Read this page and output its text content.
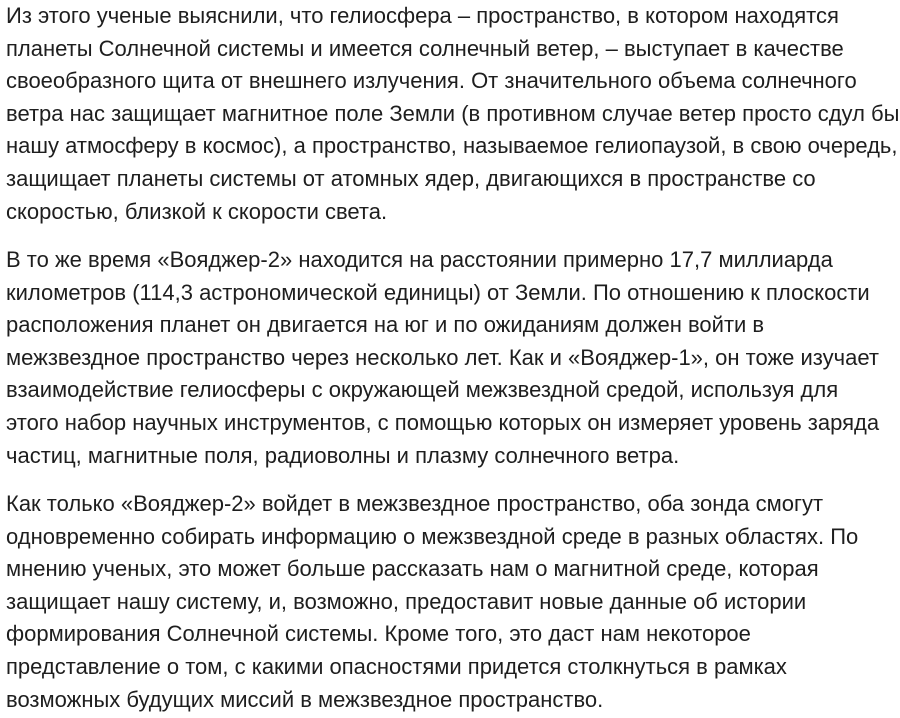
Из этого ученые выяснили, что гелиосфера – пространство, в котором находятся
планеты Солнечной системы и имеется солнечный ветер, – выступает в качестве
своеобразного щита от внешнего излучения. От значительного объема солнечного
ветра нас защищает магнитное поле Земли (в противном случае ветер просто сдул бы
нашу атмосферу в космос), а пространство, называемое гелиопаузой, в свою очередь,
защищает планеты системы от атомных ядер, двигающихся в пространстве со
скоростью, близкой к скорости света.

В то же время «Вояджер-2» находится на расстоянии примерно 17,7 миллиарда
километров (114,3 астрономической единицы) от Земли. По отношению к плоскости
расположения планет он двигается на юг и по ожиданиям должен войти в
межзвездное пространство через несколько лет. Как и «Вояджер-1», он тоже изучает
взаимодействие гелиосферы с окружающей межзвездной средой, используя для
этого набор научных инструментов, с помощью которых он измеряет уровень заряда
частиц, магнитные поля, радиоволны и плазму солнечного ветра.

Как только «Вояджер-2» войдет в межзвездное пространство, оба зонда смогут
одновременно собирать информацию о межзвездной среде в разных областях. По
мнению ученых, это может больше рассказать нам о магнитной среде, которая
защищает нашу систему, и, возможно, предоставит новые данные об истории
формирования Солнечной системы. Кроме того, это даст нам некоторое
представление о том, с какими опасностями придется столкнуться в рамках
возможных будущих миссий в межзвездное пространство.
